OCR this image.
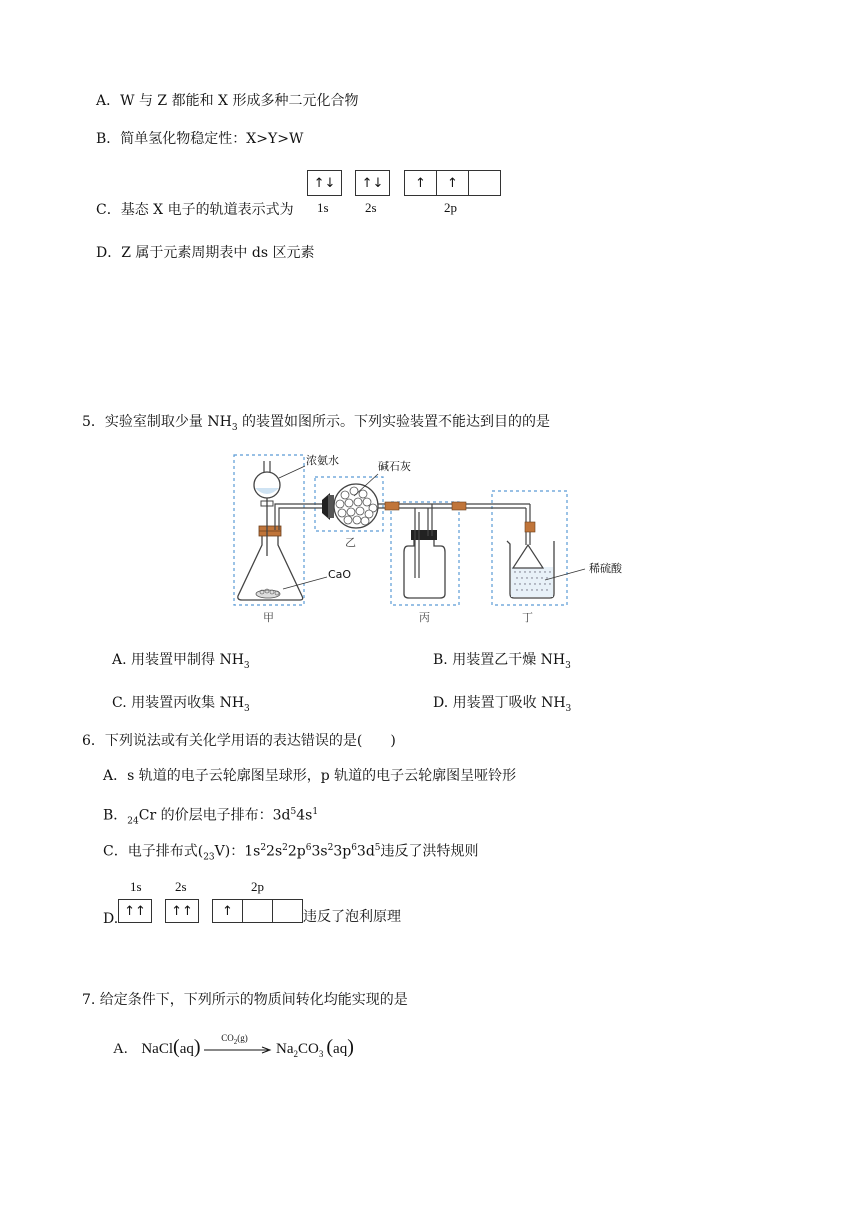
A．W 与 Z 都能和 X 形成多种二元化合物
B．简单氢化物稳定性：X>Y>W
C．基态 X 电子的轨道表示式为
↑↓	↑↓	↑	↑
1s	2s	2p
D．Z 属于元素周期表中 ds 区元素
5．实验室制取少量 $NH_3$ 的装置如图所示。下列实验装置不能达到目的的是
浓氨水	碱石灰
CaO	稀硫酸
甲
乙
丙	丁
A. 用装置甲制得 $NH_3$	B. 用装置乙干燥 $NH_3$
C. 用装置丙收集 $NH_3$	D. 用装置丁吸收 $NH_3$
6．下列说法或有关化学用语的表达错误的是(　　)
A．s 轨道的电子云轮廓图呈球形，p 轨道的电子云轮廓图呈哑铃形
B．$_{24}$Cr 的价层电子排布：$3d^54s^1$
C．电子排布式$(_{23}V)$：$1s^22s^22p^63s^23p^63d^5$违反了洪特规则
D.
1s	2s	2p
↑↑	↑↑	↑	违反了泡利原理
7. 给定条件下，下列所示的物质间转化均能实现的是
A. NaCl(aq) $CO_2(g)$
$Na_2CO_3$ (aq)
